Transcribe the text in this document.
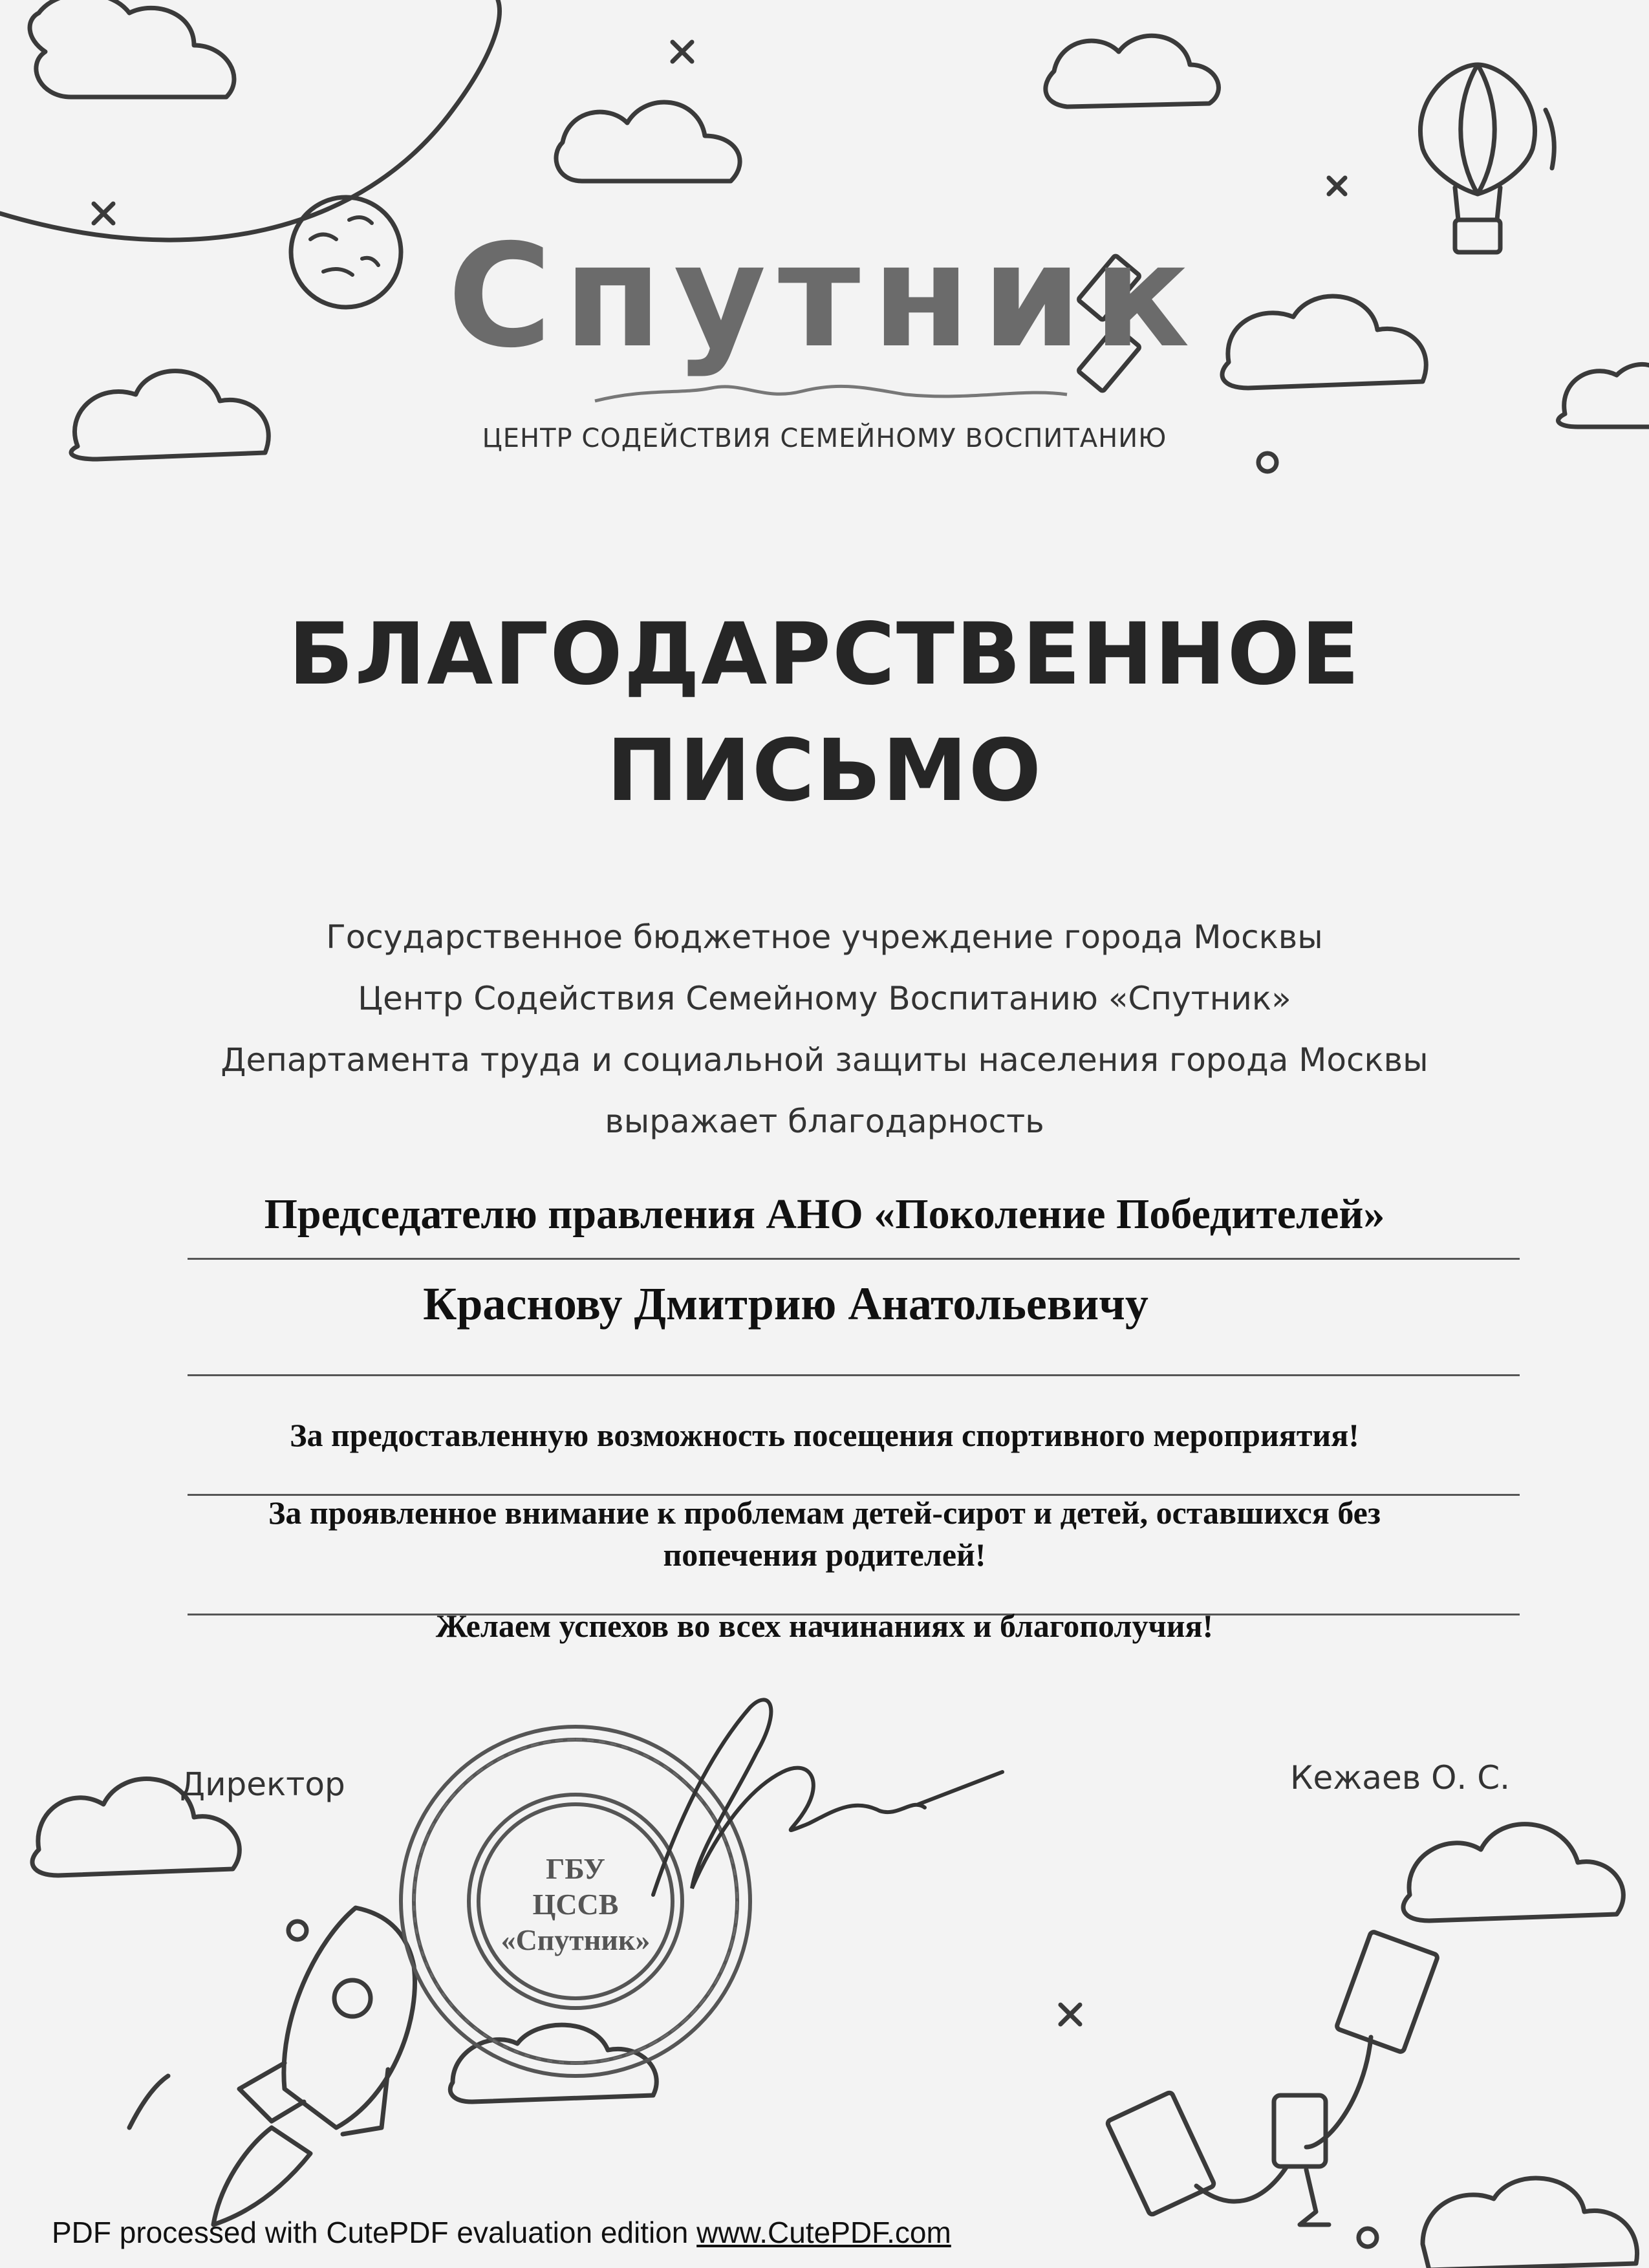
Спутник
ЦЕНТР СОДЕЙСТВИЯ СЕМЕЙНОМУ ВОСПИТАНИЮ
БЛАГОДАРСТВЕННОЕ
ПИСЬМО
Государственное бюджетное учреждение города Москвы
Центр Содействия Семейному Воспитанию «Спутник»
Департамента труда и социальной защиты населения города Москвы
выражает благодарность
Председателю правления АНО «Поколение Победителей»
Краснову Дмитрию Анатольевичу
За предоставленную возможность посещения спортивного мероприятия!
За проявленное внимание к проблемам детей-сирот и детей, оставшихся без
попечения родителей!
Желаем успехов во всех начинаниях и благополучия!
Директор	Кежаев О. С.
ГБУ
ЦССВ
«Спутник»
PDF processed with CutePDF evaluation edition www.CutePDF.com
